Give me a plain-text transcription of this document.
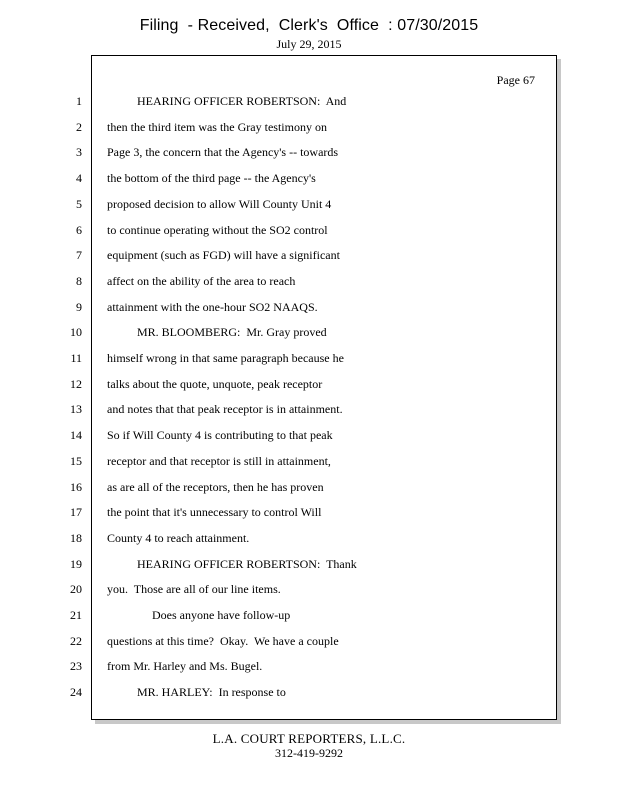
Filing  - Received,  Clerk's  Office  : 07/30/2015
July 29, 2015
Page 67
1 HEARING OFFICER ROBERTSON:  And
2 then the third item was the Gray testimony on
3 Page 3, the concern that the Agency's -- towards
4 the bottom of the third page -- the Agency's
5 proposed decision to allow Will County Unit 4
6 to continue operating without the SO2 control
7 equipment (such as FGD) will have a significant
8 affect on the ability of the area to reach
9 attainment with the one-hour SO2 NAAQS.
10 MR. BLOOMBERG:  Mr. Gray proved
11 himself wrong in that same paragraph because he
12 talks about the quote, unquote, peak receptor
13 and notes that that peak receptor is in attainment.
14 So if Will County 4 is contributing to that peak
15 receptor and that receptor is still in attainment,
16 as are all of the receptors, then he has proven
17 the point that it's unnecessary to control Will
18 County 4 to reach attainment.
19 HEARING OFFICER ROBERTSON:  Thank
20 you.  Those are all of our line items.
21 Does anyone have follow-up
22 questions at this time?  Okay.  We have a couple
23 from Mr. Harley and Ms. Bugel.
24 MR. HARLEY:  In response to
L.A. COURT REPORTERS, L.L.C.
312-419-9292
